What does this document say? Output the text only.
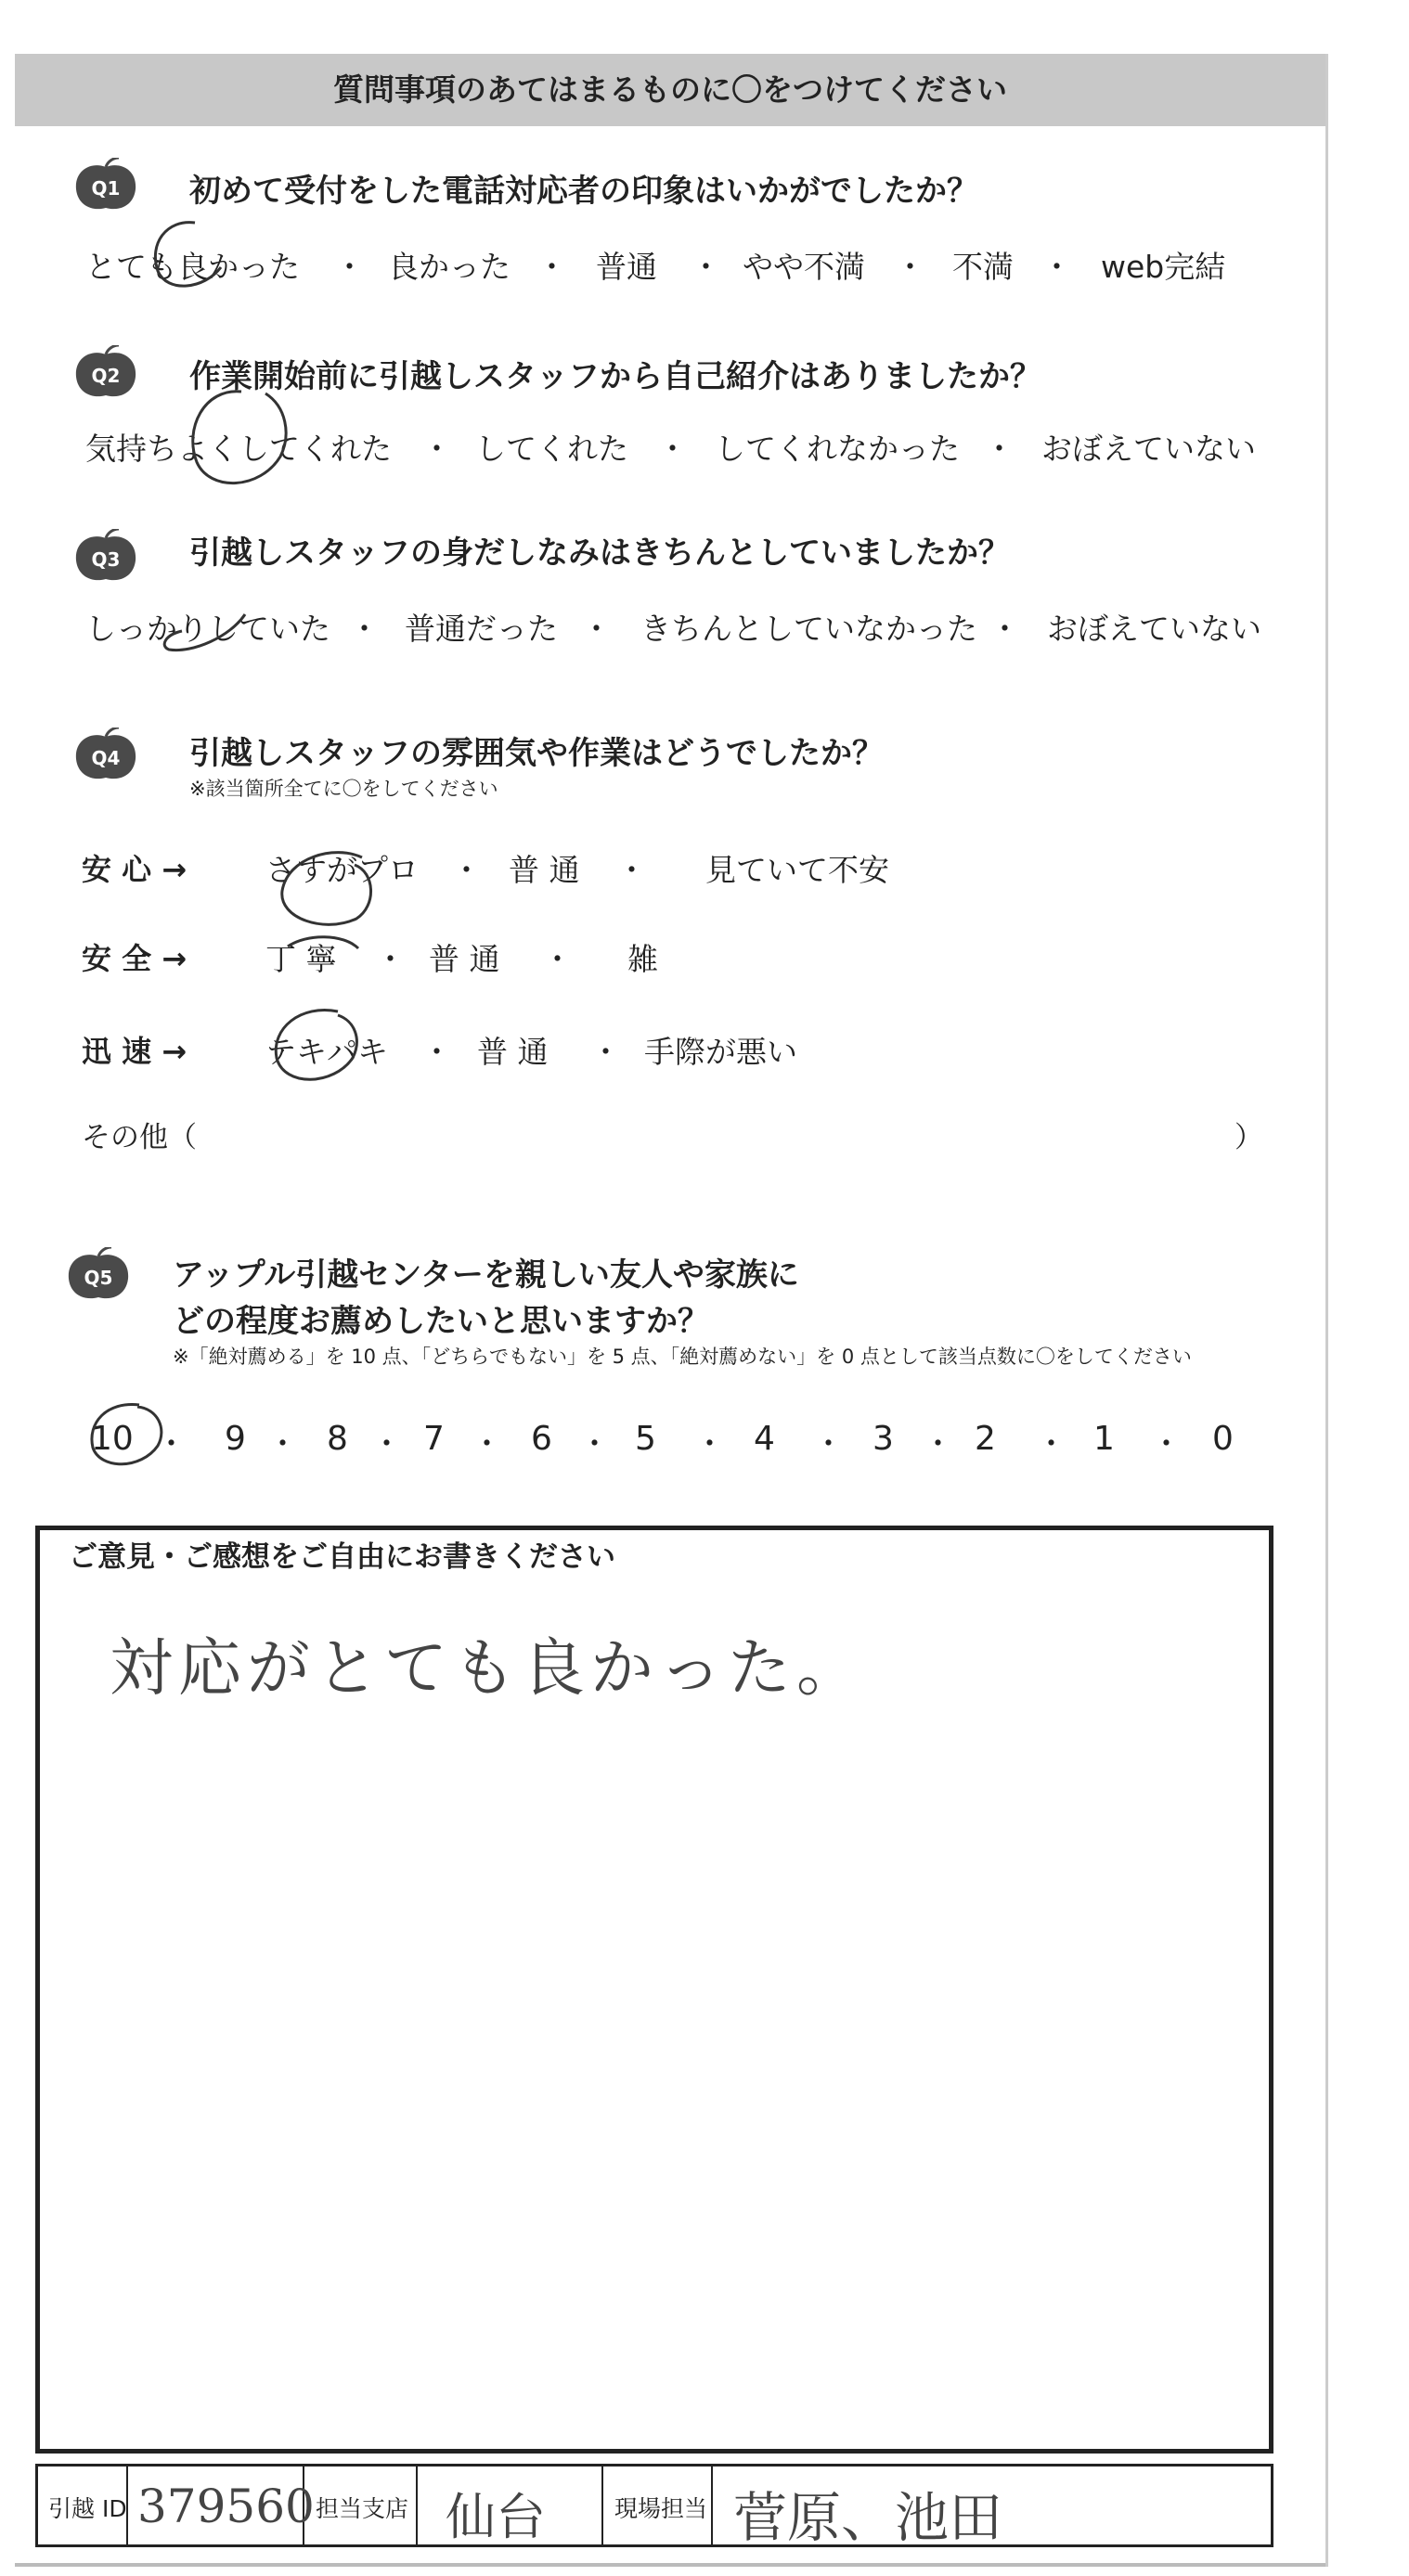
質問事項のあてはまるものに〇をつけてください
Q1 初めて受付をした電話対応者の印象はいかがでしたか？
とても良かった ・ 良かった ・ 普通 ・ やや不満 ・ 不満 ・ web完結
Q2 作業開始前に引越しスタッフから自己紹介はありましたか？
気持ちよくしてくれた ・ してくれた ・ してくれなかった ・ おぼえていない
Q3 引越しスタッフの身だしなみはきちんとしていましたか？
しっかりしていた ・ 普通だった ・ きちんとしていなかった ・ おぼえていない
Q4 引越しスタッフの雰囲気や作業はどうでしたか？
※該当箇所全てに〇をしてください
安 心 →	さすがプロ ・ 普 通 ・ 見ていて不安
安 全 →	丁 寧 ・ 普 通 ・ 雑
迅 速 →	テキパキ ・ 普 通 ・ 手際が悪い
その他（	）
Q5 アップル引越センターを親しい友人や家族に
どの程度お薦めしたいと思いますか？
※「絶対薦める」を 10 点、「どちらでもない」を 5 点、「絶対薦めない」を 0 点として該当点数に〇をしてください
10 ・ 9 ・ 8 ・ 7 ・ 6 ・ 5 ・ 4 ・ 3 ・ 2 ・ 1 ・ 0
ご意見・ご感想をご自由にお書きください
対応がとても良かった。
引越 ID 379560 担当支店 仙台	現場担当 菅原、池田
